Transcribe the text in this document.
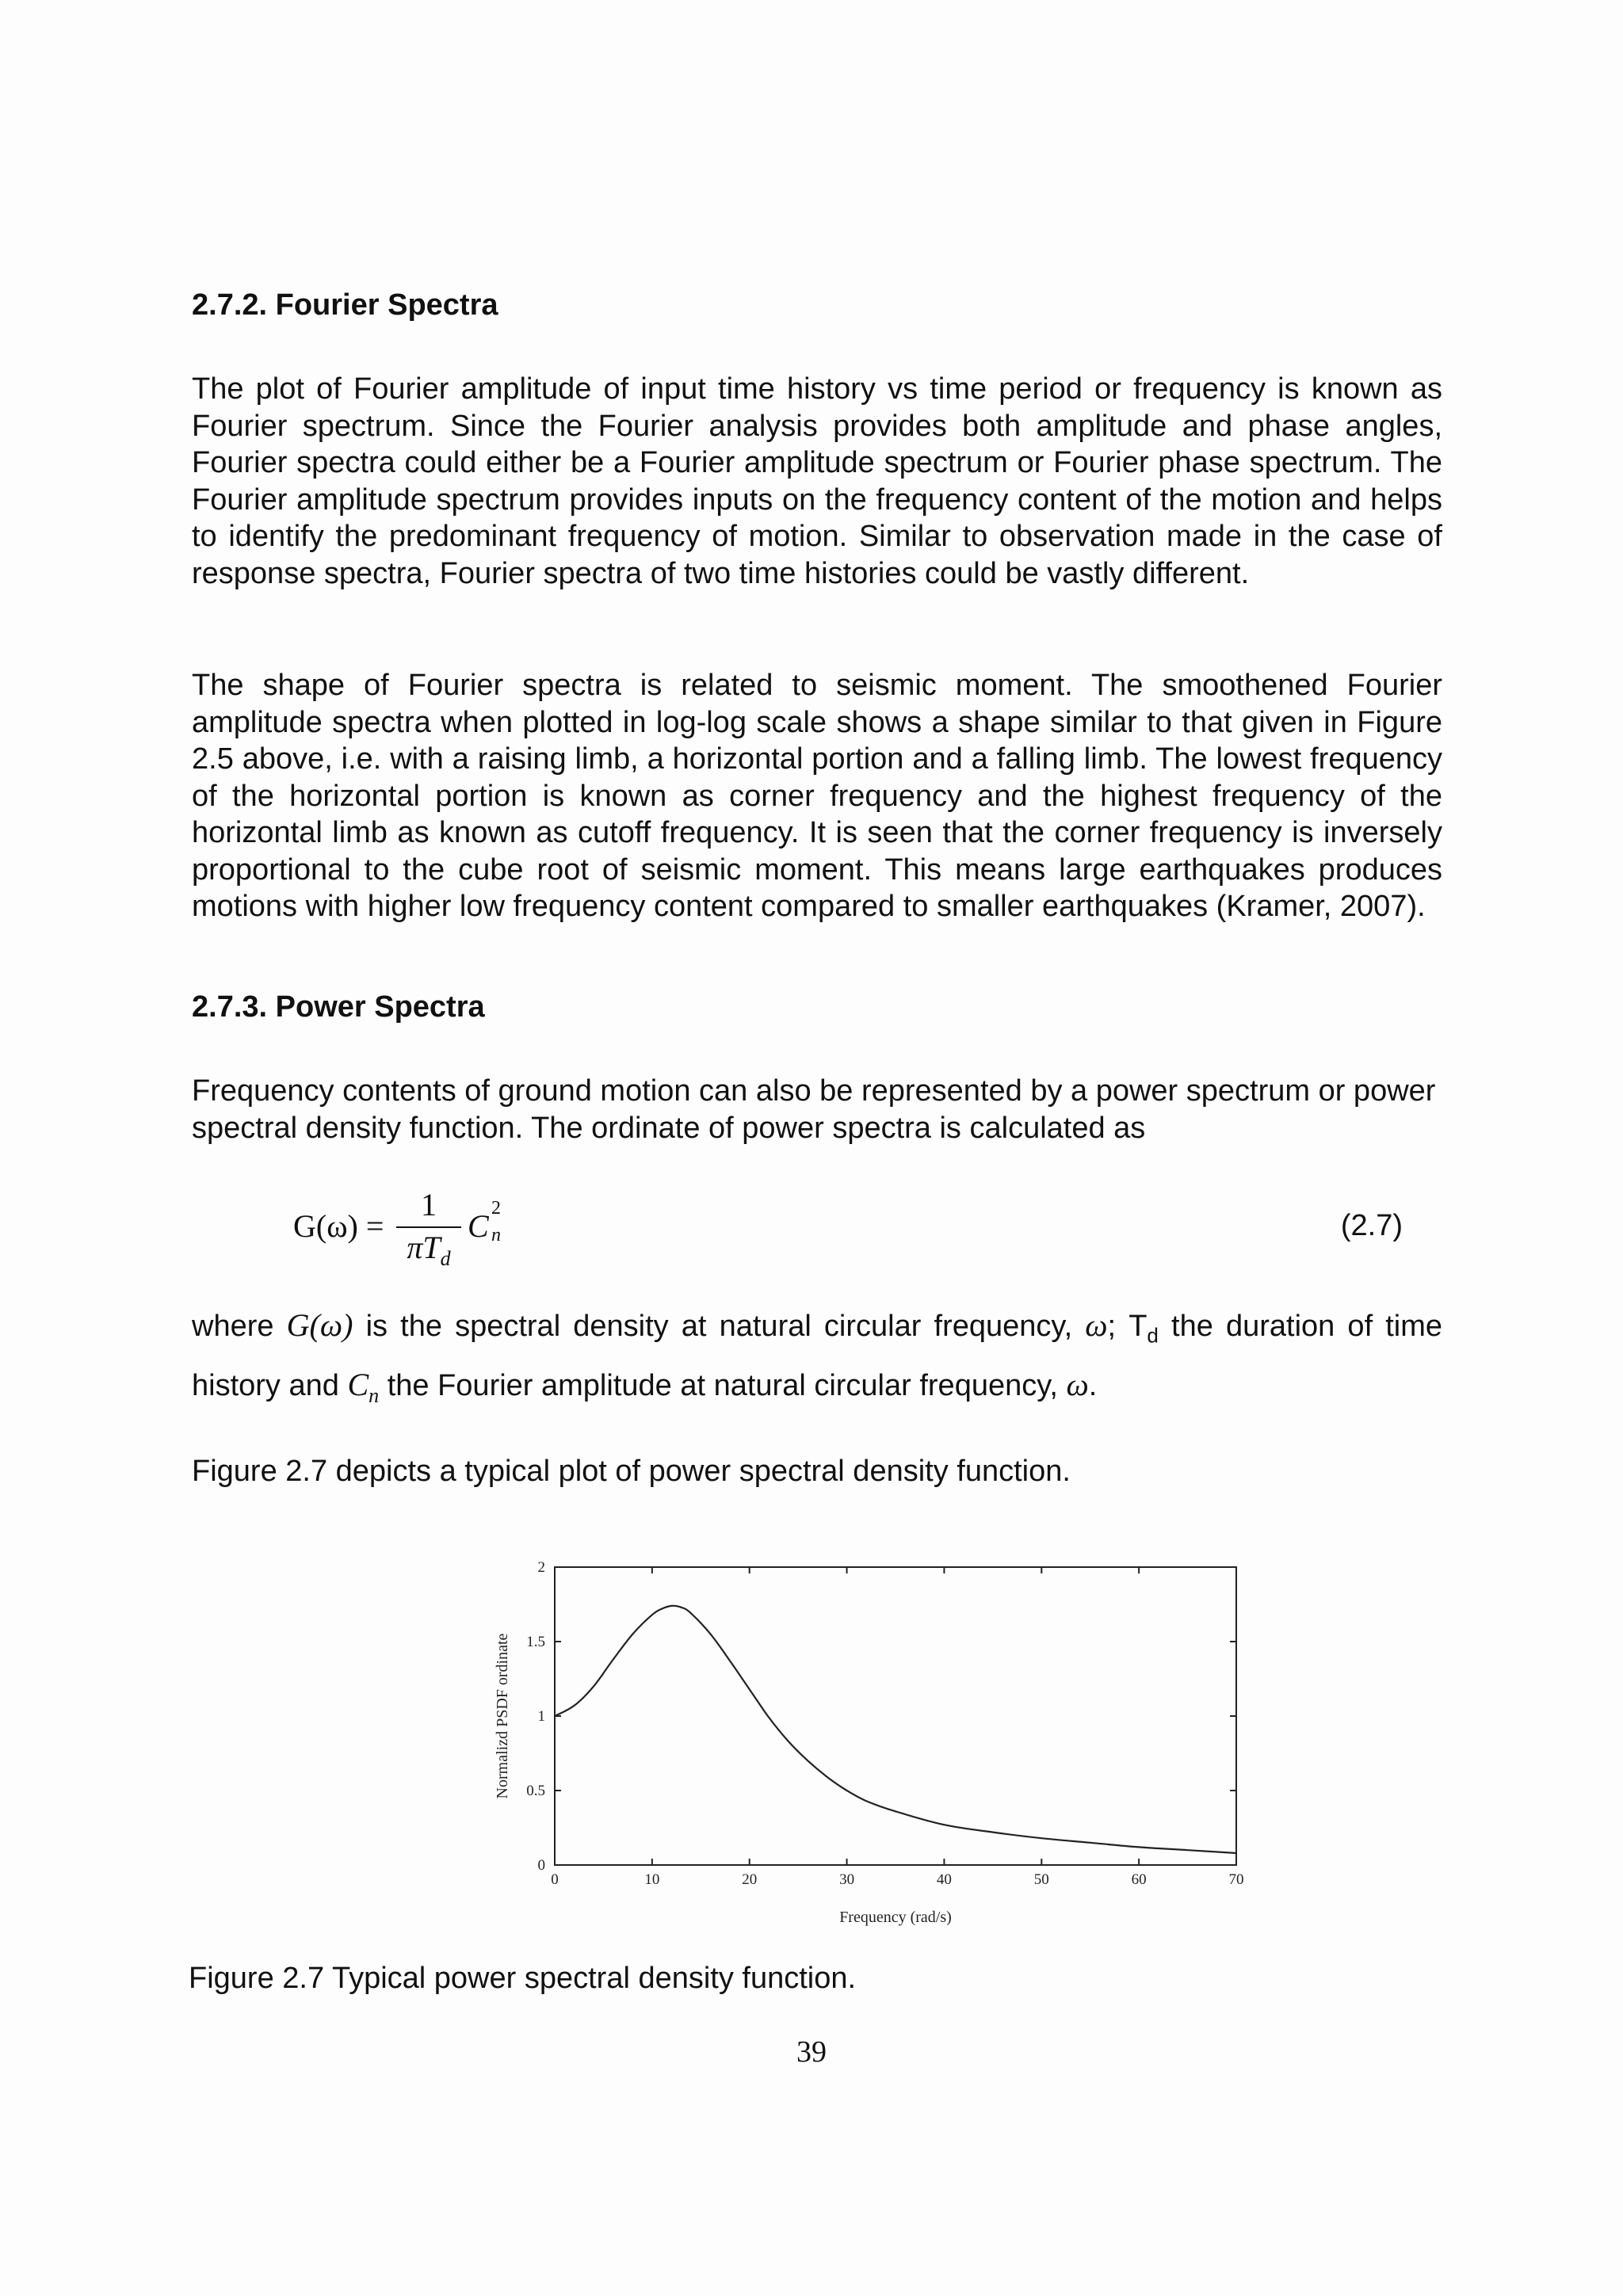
2.7.2. Fourier Spectra

The plot of Fourier amplitude of input time history vs time period or frequency is known as Fourier spectrum. Since the Fourier analysis provides both amplitude and phase angles, Fourier spectra could either be a Fourier amplitude spectrum or Fourier phase spectrum. The Fourier amplitude spectrum provides inputs on the frequency content of the motion and helps to identify the predominant frequency of motion. Similar to observation made in the case of response spectra, Fourier spectra of two time histories could be vastly different.

The shape of Fourier spectra is related to seismic moment. The smoothened Fourier amplitude spectra when plotted in log-log scale shows a shape similar to that given in Figure 2.5 above, i.e. with a raising limb, a horizontal portion and a falling limb. The lowest frequency of the horizontal portion is known as corner frequency and the highest frequency of the horizontal limb as known as cutoff frequency. It is seen that the corner frequency is inversely proportional to the cube root of seismic moment. This means large earthquakes produces motions with higher low frequency content compared to smaller earthquakes (Kramer, 2007).

2.7.3. Power Spectra

Frequency contents of ground motion can also be represented by a power spectrum or power spectral density function. The ordinate of power spectra is calculated as

G(ω) =
1
$\pi T_d$
C 2
n	(2.7)
where G(ω) is the spectral density at natural circular frequency, ω; $T_d$ the duration of time history and $C_n$ the Fourier amplitude at natural circular frequency, ω.

Figure 2.7 depicts a typical plot of power spectral density function.

0	10	20	30	40	50	60	70
0
0.5
1
1.5
2
Frequency (rad/s)
Normalizd PSDF ordinate

Figure 2.7 Typical power spectral density function.

39
